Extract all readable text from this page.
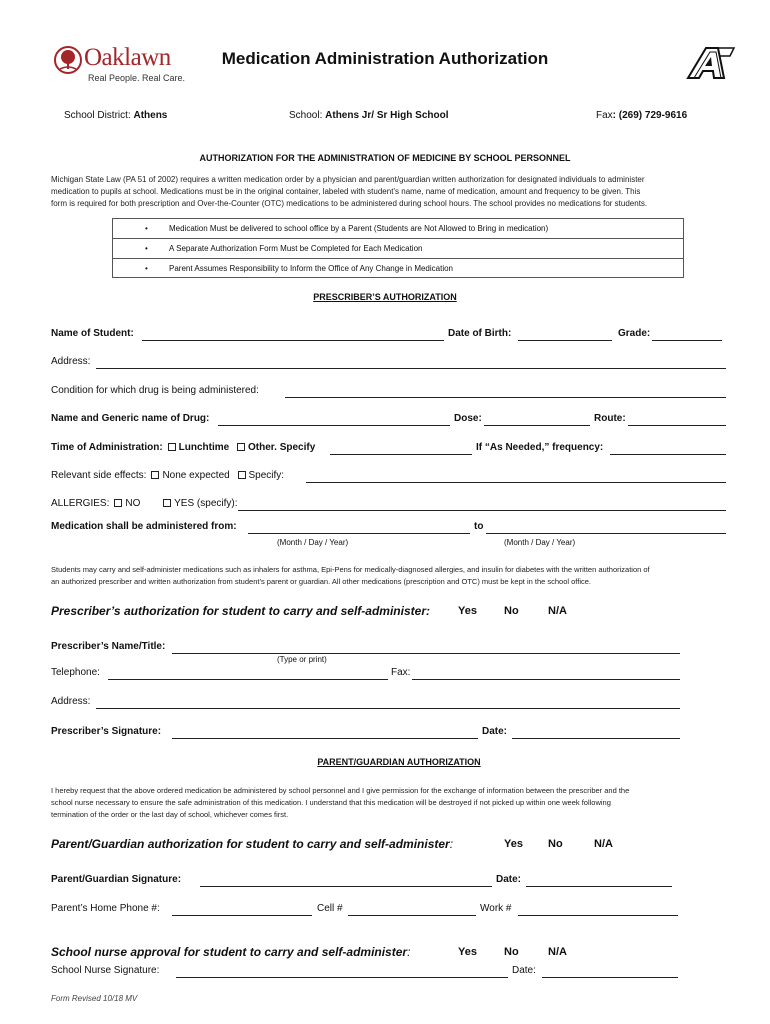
Oaklawn
Real People. Real Care.
Medication Administration Authorization
School District: Athens	School: Athens Jr/ Sr High School	Fax: (269) 729-9616
AUTHORIZATION FOR THE ADMINISTRATION OF MEDICINE BY SCHOOL PERSONNEL

Michigan State Law (PA 51 of 2002) requires a written medication order by a physician and parent/guardian written authorization for designated individuals to administer

medication to pupils at school. Medications must be in the original container, labeled with student’s name, name of medication, amount and frequency to be given. This

form is required for both prescription and Over-the-Counter (OTC) medications to be administered during school hours. The school provides no medications for students.

•	Medication Must be delivered to school office by a Parent (Students are Not Allowed to Bring in medication)
•	A Separate Authorization Form Must be Completed for Each Medication
•	Parent Assumes Responsibility to Inform the Office of Any Change in Medication
PRESCRIBER’S AUTHORIZATION
Name of Student:	Date of Birth:	Grade:
Address:
Condition for which drug is being administered:
Name and Generic name of Drug:	Dose:	Route:
Time of Administration: Lunchtime Other. Specify	If “As Needed,” frequency:
Relevant side effects: None expected Specify:
ALLERGIES: NO	YES (specify):
Medication shall be administered from:	to
(Month / Day / Year)	(Month / Day / Year)

Students may carry and self-administer medications such as inhalers for asthma, Epi-Pens for medically-diagnosed allergies, and insulin for diabetes with the written authorization of

an authorized prescriber and written authorization from student’s parent or guardian. All other medications (prescription and OTC) must be kept in the school office.

Prescriber’s authorization for student to carry and self-administer:	Yes No	N/A
Prescriber’s Name/Title:
(Type or print)
Telephone:	Fax:
Address:
Prescriber’s Signature:	Date:
PARENT/GUARDIAN AUTHORIZATION

I hereby request that the above ordered medication be administered by school personnel and I give permission for the exchange of information between the prescriber and the

school nurse necessary to ensure the safe administration of this medication. I understand that this medication will be destroyed if not picked up within one week following

termination of the order or the last day of school, whichever comes first.

Parent/Guardian authorization for student to carry and self-administer:	Yes No	N/A
Parent/Guardian Signature:	Date:
Parent’s Home Phone #:	Cell #	Work #
School nurse approval for student to carry and self-administer:	Yes No	N/A
School Nurse Signature:	Date:
Form Revised 10/18 MV
